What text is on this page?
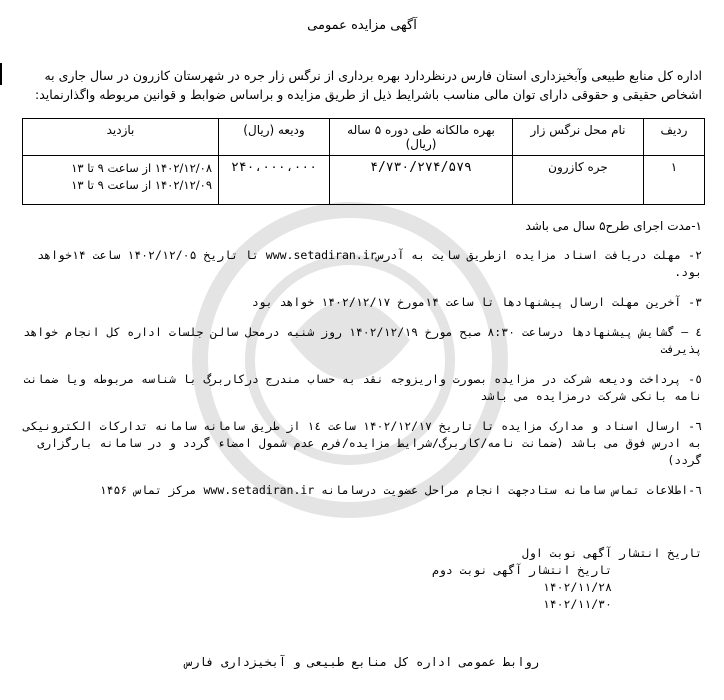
آگهی مزایده عمومی
اداره کل منابع طبیعی وآبخیزداری استان فارس درنظردارد بهره برداری از نرگس زار جره در شهرستان کازرون در سال جاری به اشخاص حقیقی و حقوقی دارای توان مالی مناسب باشرایط ذیل از طریق مزایده و براساس ضوابط و قوانین مربوطه واگذارنماید:
ردیف	نام محل نرگس زار	بهره مالکانه طی دوره ۵ ساله (ریال)	ودیعه (ریال)	بازدید
۱	جره کازرون	۴/۷۳۰/۲۷۴/۵۷۹	۲۴۰،۰۰۰،۰۰۰	۱۴۰۲/۱۲/۰۸ از ساعت ۹ تا ۱۳
۱۴۰۲/۱۲/۰۹ از ساعت ۹ تا ۱۳

۱-مدت اجرای طرح۵ سال می باشد

۲- مهلت دریافت اسناد مزایده ازطریق سایت به آدرسwww.setadiran.ir تا تاریخ ۱۴۰۲/۱۲/۰۵ ساعت ۱۴خواهد بود.

۳- آخرین مهلت ارسال پیشنهادها تا ساعت ۱۴مورخ ۱۴۰۲/۱۲/۱۷ خواهد بود

٤ – گشایش پیشنهادها درساعت ۸:۳۰ صبح مورخ ۱۴۰۲/۱۲/۱۹ روز شنبه درمحل سالن جلسات اداره کل انجام خواهد پذیرفت

٥- پرداخت ودیعه شرکت در مزایده بصورت واریزوجه نقد به حساب مندرج درکاربرگ با شناسه مربوطه ویا ضمانت نامه بانکی شرکت درمزایده می باشد

٦- ارسال اسناد و مدارک مزایده تا تاریخ ۱۴۰۲/۱۲/۱۷ ساعت ١٤ از طریق سامانه سامانه تدارکات الکترونیکی به ادرس فوق می باشد (ضمانت نامه/کاربرگ/شرایط مزایده/فرم عدم شمول امضاء گردد و در سامانه بارگزاری گردد)

٦-اطلاعات تماس سامانه ستادجهت انجام مراحل عضویت درسامانه www.setadiran.ir مرکز تماس ۱۴۵۶

تاریخ انتشار آگهی نوبت اول
تاریخ انتشار آگهی نوبت دوم
۱۴۰۲/۱۱/۲۸
۱۴۰۲/۱۱/۳۰
روابط عمومی اداره کل منابع طبیعی و آبخیزداری فارس
